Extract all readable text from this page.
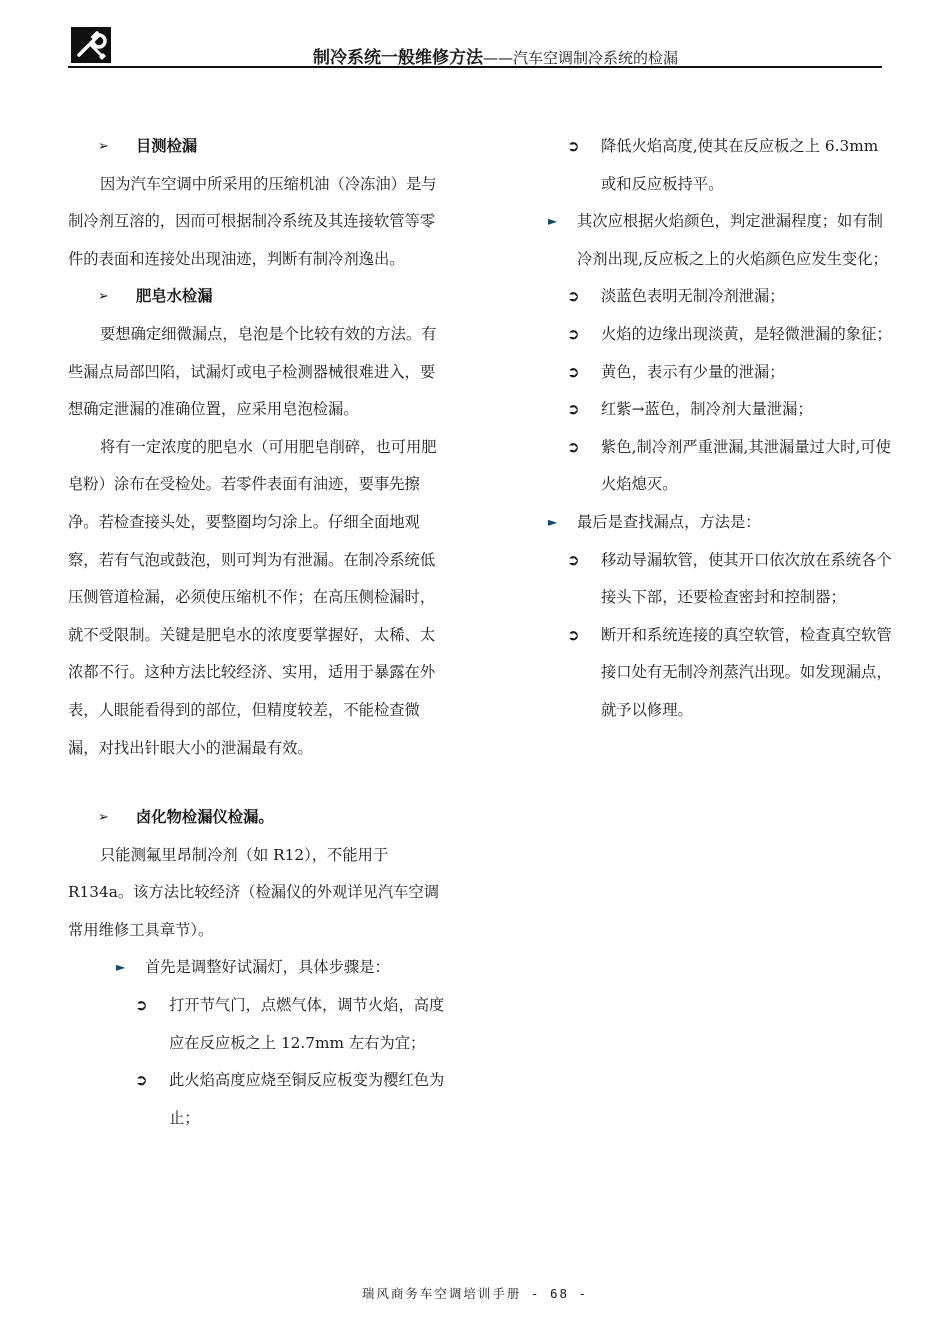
制冷系统一般维修方法——汽车空调制冷系统的检漏
➢ 目测检漏

因为汽车空调中所采用的压缩机油（冷冻油）是与制冷剂互溶的，因而可根据制冷系统及其连接软管等零件的表面和连接处出现油迹，判断有制冷剂逸出。

➢ 肥皂水检漏

要想确定细微漏点，皂泡是个比较有效的方法。有些漏点局部凹陷，试漏灯或电子检测器械很难进入，要想确定泄漏的准确位置，应采用皂泡检漏。

将有一定浓度的肥皂水（可用肥皂削碎，也可用肥皂粉）涂布在受检处。若零件表面有油迹，要事先擦净。若检查接头处，要整圈均匀涂上。仔细全面地观察，若有气泡或鼓泡，则可判为有泄漏。在制冷系统低压侧管道检漏，必须使压缩机不作；在高压侧检漏时，就不受限制。关键是肥皂水的浓度要掌握好，太稀、太浓都不行。这种方法比较经济、实用，适用于暴露在外表，人眼能看得到的部位，但精度较差，不能检查微漏，对找出针眼大小的泄漏最有效。

➢ 卤化物检漏仪检漏。

只能测氟里昂制冷剂（如 R12），不能用于 R134a。该方法比较经济（检漏仪的外观详见汽车空调常用维修工具章节）。

► 首先是调整好试漏灯，具体步骤是：
➲ 打开节气门，点燃气体，调节火焰，高度应在反应板之上 12.7mm 左右为宜；
➲ 此火焰高度应烧至铜反应板变为樱红色为止；
➲ 降低火焰高度,使其在反应板之上 6.3mm 或和反应板持平。
► 其次应根据火焰颜色，判定泄漏程度；如有制冷剂出现,反应板之上的火焰颜色应发生变化；
➲ 淡蓝色表明无制冷剂泄漏；
➲ 火焰的边缘出现淡黄，是轻微泄漏的象征；
➲ 黄色，表示有少量的泄漏；
➲ 红紫→蓝色，制冷剂大量泄漏；
➲ 紫色,制冷剂严重泄漏,其泄漏量过大时,可使火焰熄灭。
► 最后是查找漏点，方法是：
➲ 移动导漏软管，使其开口依次放在系统各个接头下部，还要检查密封和控制器；
➲ 断开和系统连接的真空软管，检查真空软管接口处有无制冷剂蒸汽出现。如发现漏点，就予以修理。
瑞风商务车空调培训手册 - 68 -
